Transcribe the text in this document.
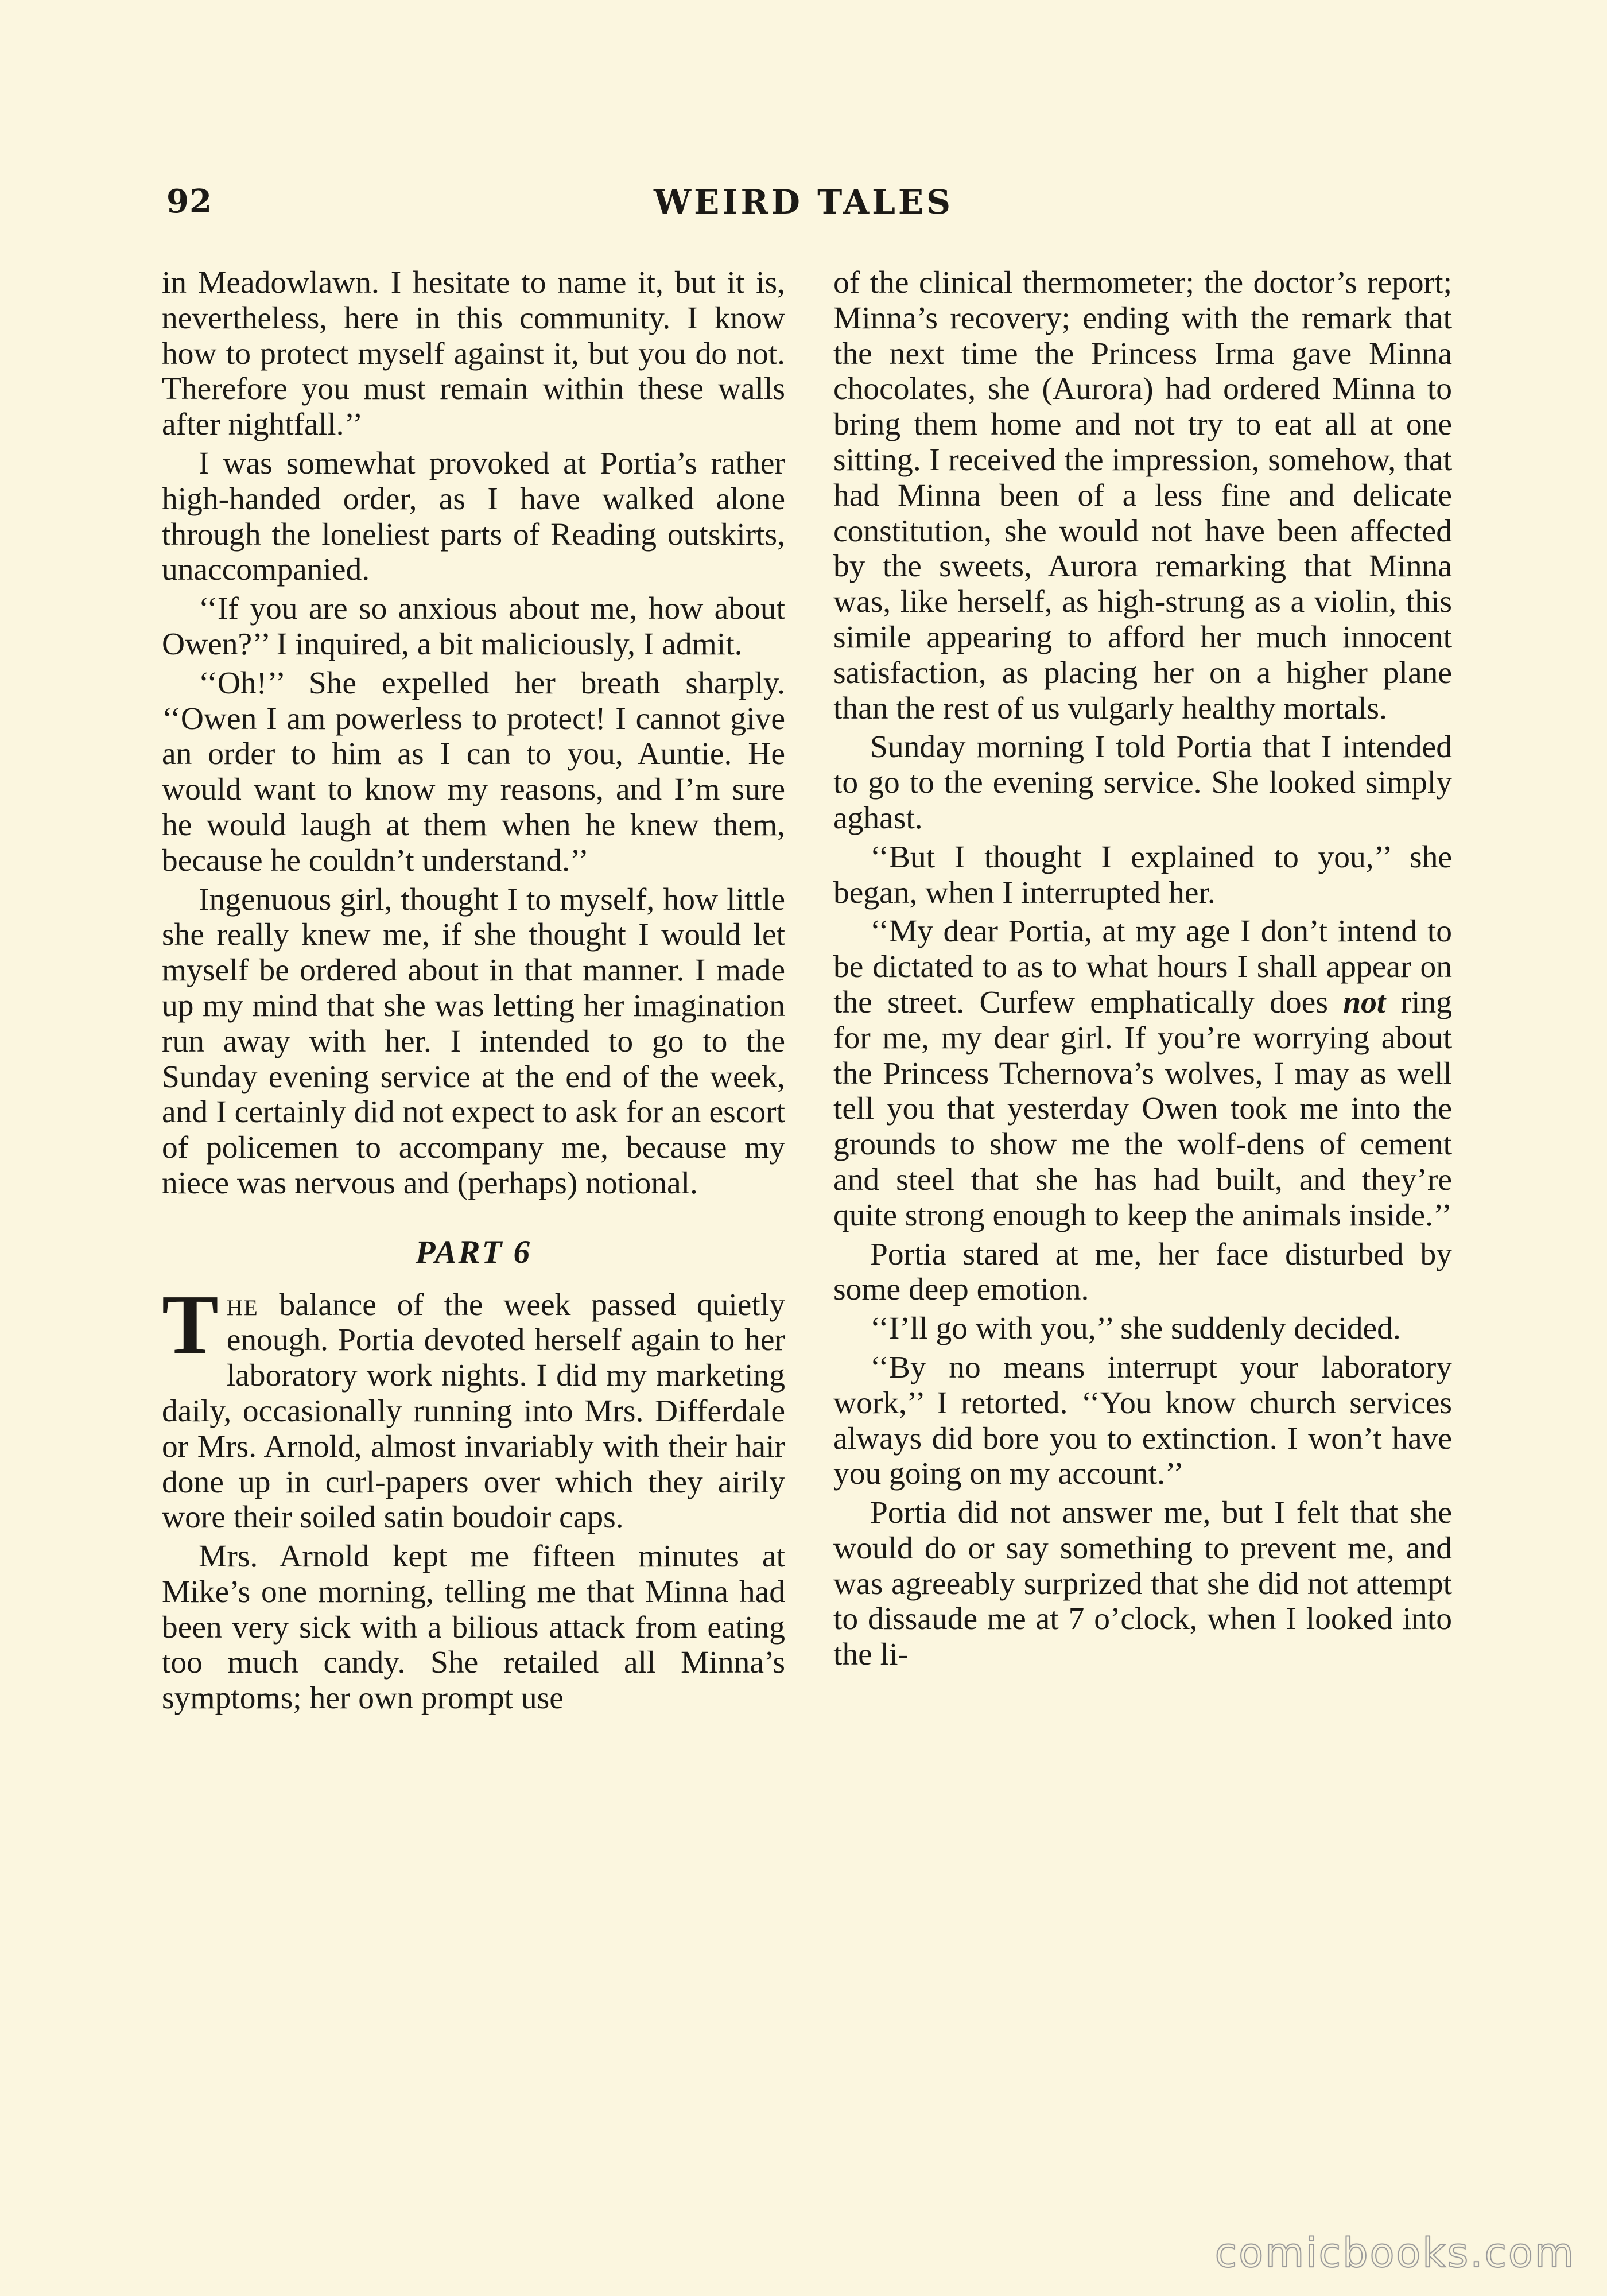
92	WEIRD TALES

in Meadowlawn. I hesitate to name it, but it is, nevertheless, here in this community. I know how to protect myself against it, but you do not. Therefore you must remain within these walls after nightfall.’’

I was somewhat provoked at Portia’s rather high-handed order, as I have walked alone through the loneliest parts of Reading outskirts, unaccompanied.

‘‘If you are so anxious about me, how about Owen?’’ I inquired, a bit maliciously, I admit.

‘‘Oh!’’ She expelled her breath sharply. ‘‘Owen I am powerless to protect! I cannot give an order to him as I can to you, Auntie. He would want to know my reasons, and I’m sure he would laugh at them when he knew them, because he couldn’t understand.’’

Ingenuous girl, thought I to myself, how little she really knew me, if she thought I would let myself be ordered about in that manner. I made up my mind that she was letting her imagination run away with her. I intended to go to the Sunday evening service at the end of the week, and I certainly did not expect to ask for an escort of policemen to accompany me, because my niece was nervous and (perhaps) notional.

PART 6

The balance of the week passed quietly enough. Portia devoted herself again to her laboratory work nights. I did my marketing daily, occasionally running into Mrs. Differdale or Mrs. Arnold, almost invariably with their hair done up in curl-papers over which they airily wore their soiled satin boudoir caps.

Mrs. Arnold kept me fifteen minutes at Mike’s one morning, telling me that Minna had been very sick with a bilious attack from eating too much candy. She retailed all Minna’s symptoms; her own prompt use

of the clinical thermometer; the doctor’s report; Minna’s recovery; ending with the remark that the next time the Princess Irma gave Minna chocolates, she (Aurora) had ordered Minna to bring them home and not try to eat all at one sitting. I received the impression, somehow, that had Minna been of a less fine and delicate constitution, she would not have been affected by the sweets, Aurora remarking that Minna was, like herself, as high-strung as a violin, this simile appearing to afford her much innocent satisfaction, as placing her on a higher plane than the rest of us vulgarly healthy mortals.

Sunday morning I told Portia that I intended to go to the evening service. She looked simply aghast.

‘‘But I thought I explained to you,’’ she began, when I interrupted her.

‘‘My dear Portia, at my age I don’t intend to be dictated to as to what hours I shall appear on the street. Curfew emphatically does not ring for me, my dear girl. If you’re worrying about the Princess Tchernova’s wolves, I may as well tell you that yesterday Owen took me into the grounds to show me the wolf-dens of cement and steel that she has had built, and they’re quite strong enough to keep the animals inside.’’

Portia stared at me, her face disturbed by some deep emotion.

‘‘I’ll go with you,’’ she suddenly decided.

‘‘By no means interrupt your laboratory work,’’ I retorted. ‘‘You know church services always did bore you to extinction. I won’t have you going on my account.’’

Portia did not answer me, but I felt that she would do or say something to prevent me, and was agreeably surprized that she did not attempt to dissaude me at 7 o’clock, when I looked into the li-

comicbooks.com
